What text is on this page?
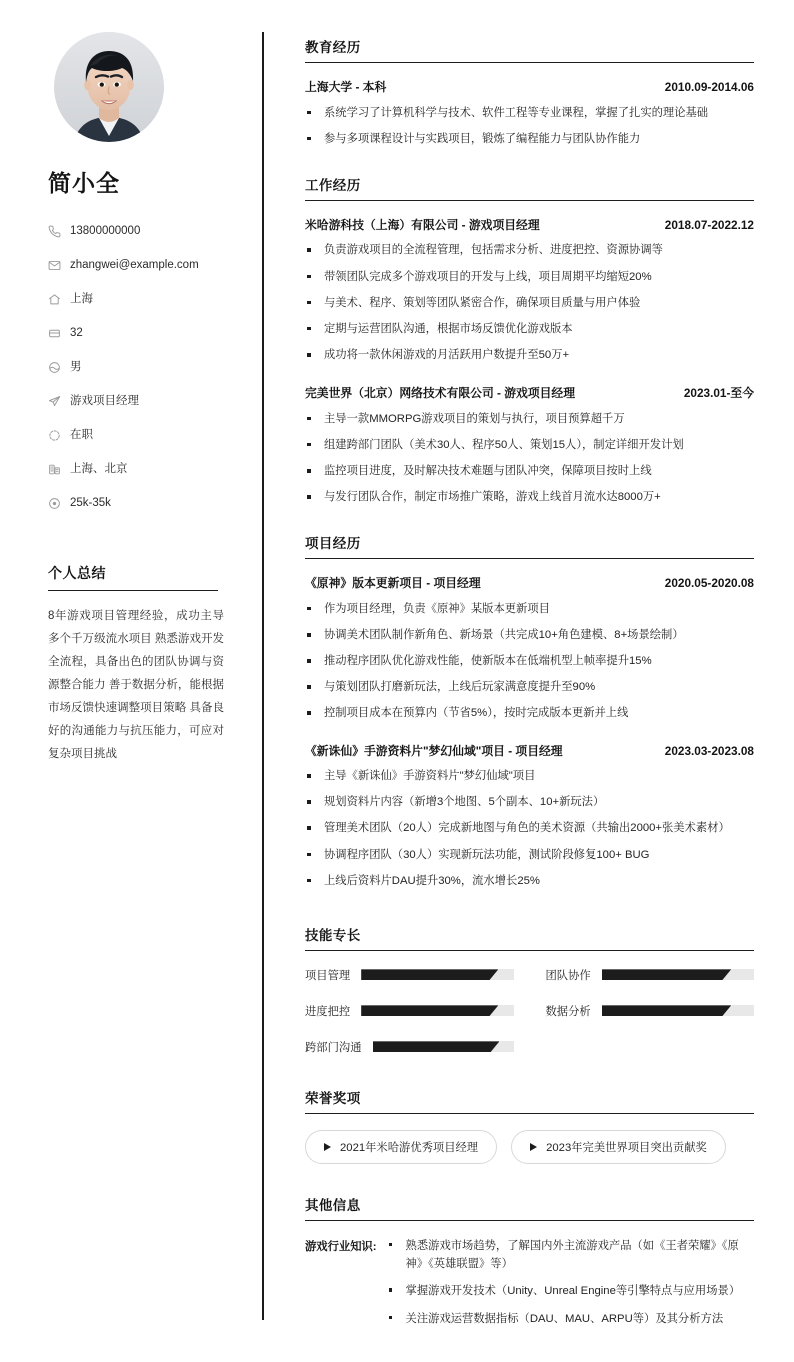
简小全
13800000000
zhangwei@example.com
上海
32
男
游戏项目经理
在职
上海、北京
25k-35k
个人总结

8年游戏项目管理经验，成功主导多个千万级流水项目 熟悉游戏开发全流程，具备出色的团队协调与资源整合能力 善于数据分析，能根据市场反馈快速调整项目策略 具备良好的沟通能力与抗压能力，可应对复杂项目挑战

教育经历
上海大学 - 本科	2010.09-2014.06
系统学习了计算机科学与技术、软件工程等专业课程，掌握了扎实的理论基础
参与多项课程设计与实践项目，锻炼了编程能力与团队协作能力
工作经历
米哈游科技（上海）有限公司 - 游戏项目经理	2018.07-2022.12
负责游戏项目的全流程管理，包括需求分析、进度把控、资源协调等
带领团队完成多个游戏项目的开发与上线，项目周期平均缩短20%
与美术、程序、策划等团队紧密合作，确保项目质量与用户体验
定期与运营团队沟通，根据市场反馈优化游戏版本
成功将一款休闲游戏的月活跃用户数提升至50万+
完美世界（北京）网络技术有限公司 - 游戏项目经理	2023.01-至今
主导一款MMORPG游戏项目的策划与执行，项目预算超千万
组建跨部门团队（美术30人、程序50人、策划15人），制定详细开发计划
监控项目进度，及时解决技术难题与团队冲突，保障项目按时上线
与发行团队合作，制定市场推广策略，游戏上线首月流水达8000万+
项目经历
《原神》版本更新项目 - 项目经理	2020.05-2020.08
作为项目经理，负责《原神》某版本更新项目
协调美术团队制作新角色、新场景（共完成10+角色建模、8+场景绘制）
推动程序团队优化游戏性能，使新版本在低端机型上帧率提升15%
与策划团队打磨新玩法，上线后玩家满意度提升至90%
控制项目成本在预算内（节省5%），按时完成版本更新并上线
《新诛仙》手游资料片"梦幻仙域"项目 - 项目经理	2023.03-2023.08
主导《新诛仙》手游资料片"梦幻仙域"项目
规划资料片内容（新增3个地图、5个副本、10+新玩法）
管理美术团队（20人）完成新地图与角色的美术资源（共输出2000+张美术素材）
协调程序团队（30人）实现新玩法功能，测试阶段修复100+ BUG
上线后资料片DAU提升30%，流水增长25%
技能专长
项目管理	团队协作
进度把控	数据分析
跨部门沟通
荣誉奖项
2021年米哈游优秀项目经理	2023年完美世界项目突出贡献奖
其他信息
游戏行业知识:	熟悉游戏市场趋势，了解国内外主流游戏产品（如《王者荣耀》《原神》《英雄联盟》等）
掌握游戏开发技术（Unity、Unreal Engine等引擎特点与应用场景）
关注游戏运营数据指标（DAU、MAU、ARPU等）及其分析方法
